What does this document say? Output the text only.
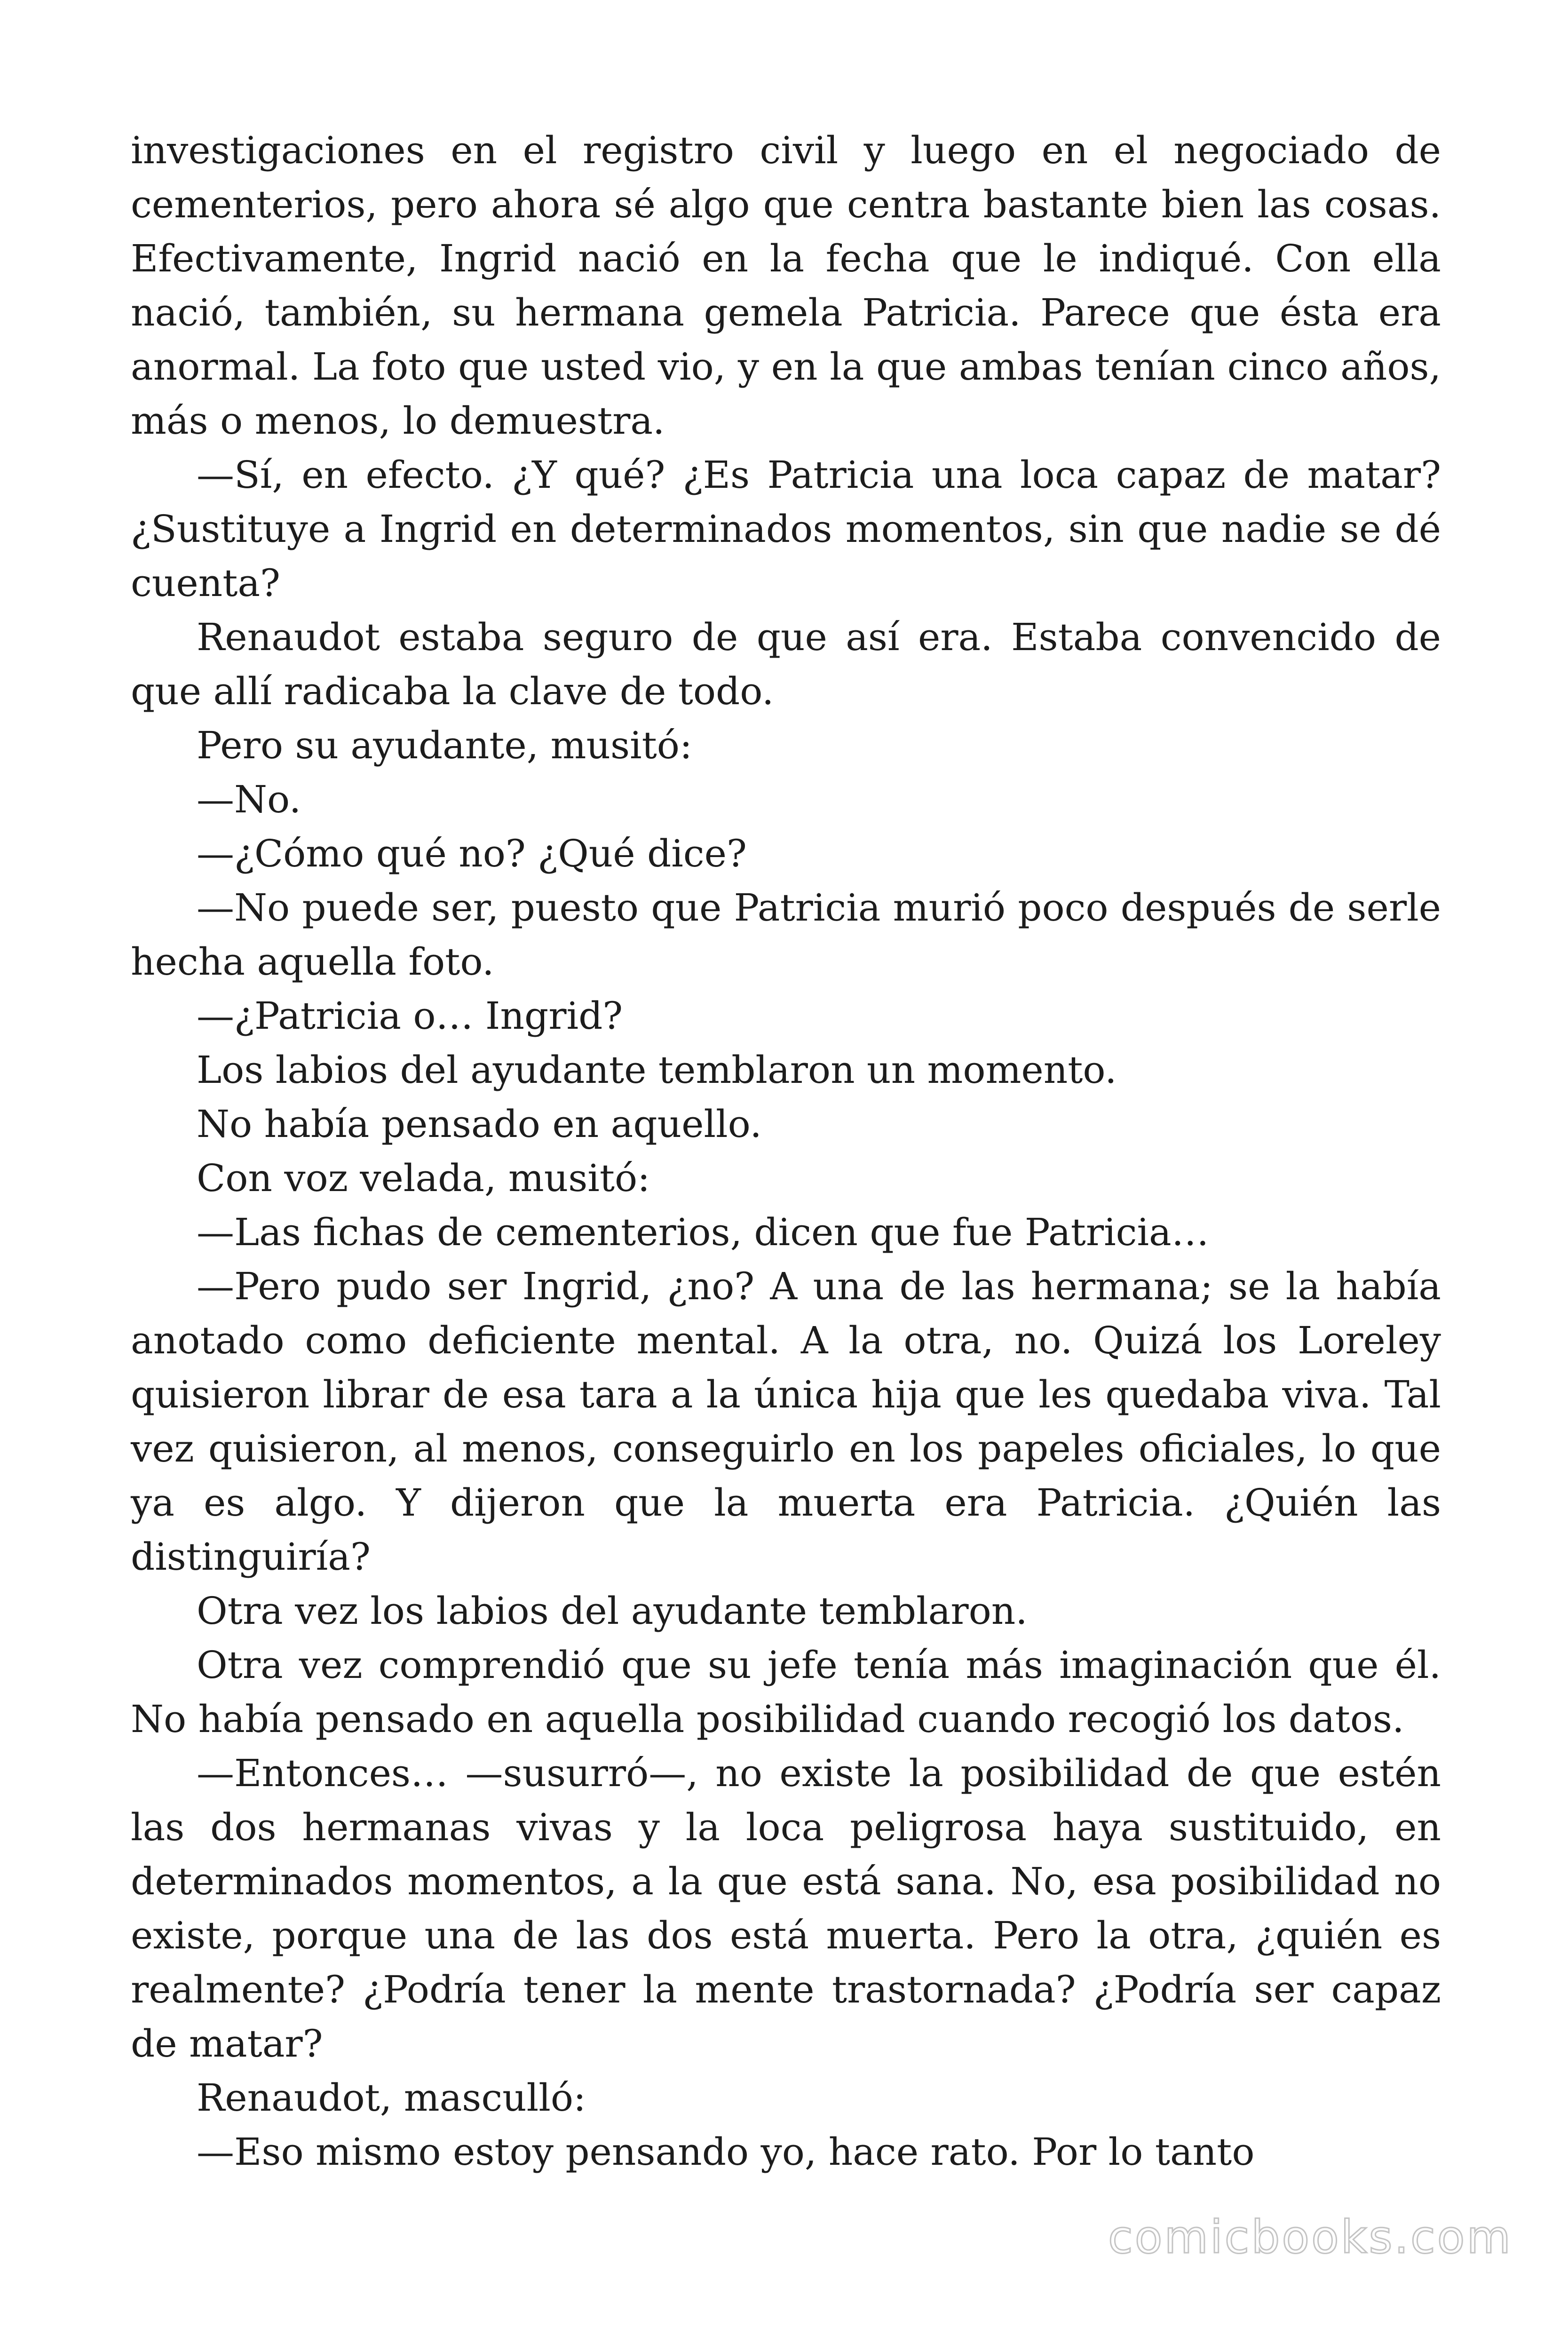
investigaciones en el registro civil y luego en el negociado de cementerios, pero ahora sé algo que centra bastante bien las cosas. Efectivamente, Ingrid nació en la fecha que le indiqué. Con ella nació, también, su hermana gemela Patricia. Parece que ésta era anormal. La foto que usted vio, y en la que ambas tenían cinco años, más o menos, lo demuestra.

—Sí, en efecto. ¿Y qué? ¿Es Patricia una loca capaz de matar? ¿Sustituye a Ingrid en determinados momentos, sin que nadie se dé cuenta?

Renaudot estaba seguro de que así era. Estaba convencido de que allí radicaba la clave de todo.

Pero su ayudante, musitó:

—No.

—¿Cómo qué no? ¿Qué dice?

—No puede ser, puesto que Patricia murió poco después de serle hecha aquella foto.

—¿Patricia o… Ingrid?

Los labios del ayudante temblaron un momento.

No había pensado en aquello.

Con voz velada, musitó:

—Las fichas de cementerios, dicen que fue Patricia…

—Pero pudo ser Ingrid, ¿no? A una de las hermana; se la había anotado como deficiente mental. A la otra, no. Quizá los Loreley quisieron librar de esa tara a la única hija que les quedaba viva. Tal vez quisieron, al menos, conseguirlo en los papeles oficiales, lo que ya es algo. Y dijeron que la muerta era Patricia. ¿Quién las distinguiría?

Otra vez los labios del ayudante temblaron.

Otra vez comprendió que su jefe tenía más imaginación que él. No había pensado en aquella posibilidad cuando recogió los datos.

—Entonces… —susurró—, no existe la posibilidad de que estén las dos hermanas vivas y la loca peligrosa haya sustituido, en determinados momentos, a la que está sana. No, esa posibilidad no existe, porque una de las dos está muerta. Pero la otra, ¿quién es realmente? ¿Podría tener la mente trastornada? ¿Podría ser capaz de matar?

Renaudot, masculló:

—Eso mismo estoy pensando yo, hace rato. Por lo tanto

comicbooks.com
